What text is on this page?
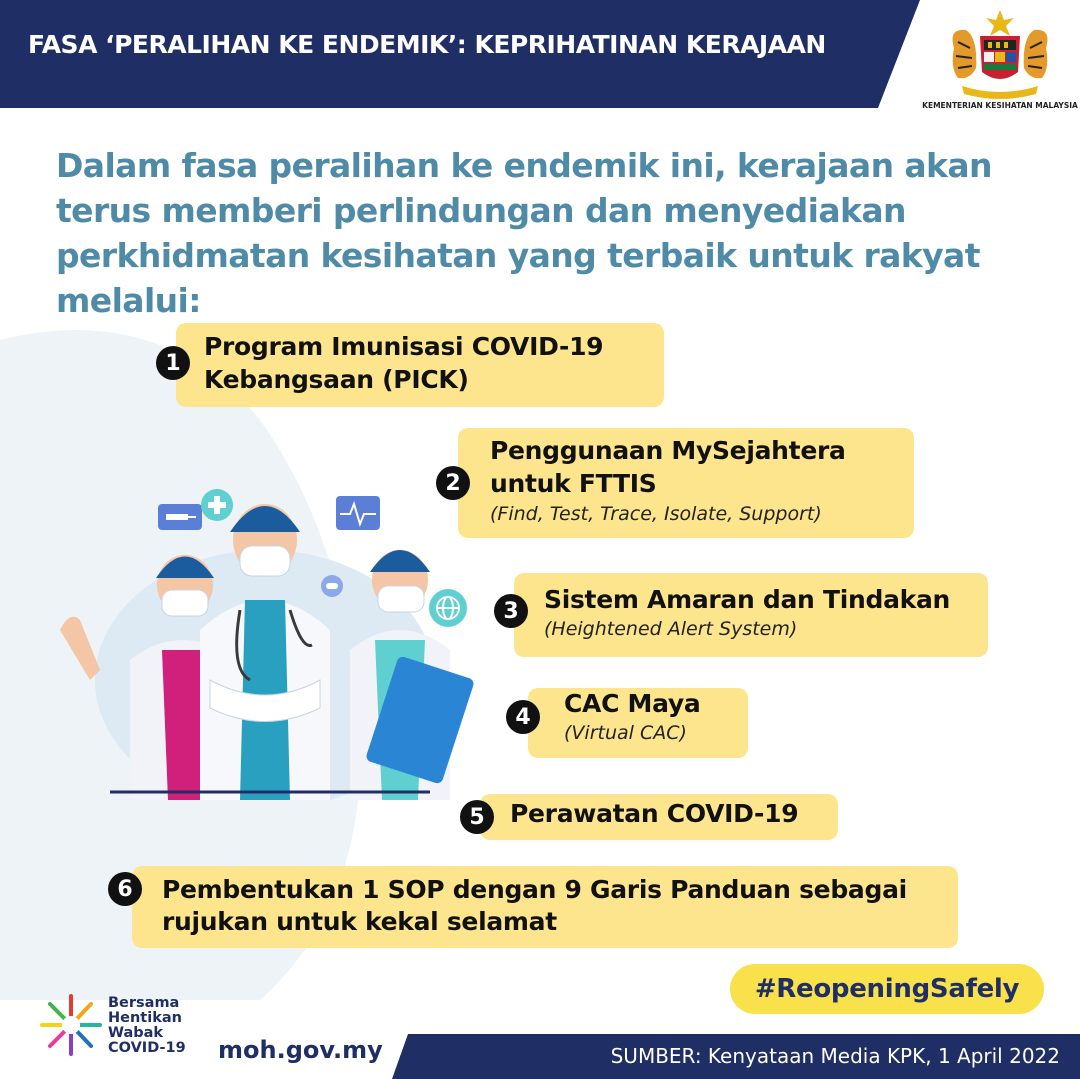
FASA ‘PERALIHAN KE ENDEMIK’: KEPRIHATINAN KERAJAAN
KEMENTERIAN KESIHATAN MALAYSIA
Dalam fasa peralihan ke endemik ini, kerajaan akan terus memberi perlindungan dan menyediakan perkhidmatan kesihatan yang terbaik untuk rakyat melalui:
1
Program Imunisasi COVID-19
Kebangsaan (PICK)
2
Penggunaan MySejahtera
untuk FTTIS
(Find, Test, Trace, Isolate, Support)
3	Sistem Amaran dan Tindakan
(Heightened Alert System)
4	CAC Maya
(Virtual CAC)
5	Perawatan COVID-19
6	Pembentukan 1 SOP dengan 9 Garis Panduan sebagai
rujukan untuk kekal selamat
#ReopeningSafely
SUMBER: Kenyataan Media KPK, 1 April 2022
Bersama
Hentikan
Wabak
COVID-19	moh.gov.my
